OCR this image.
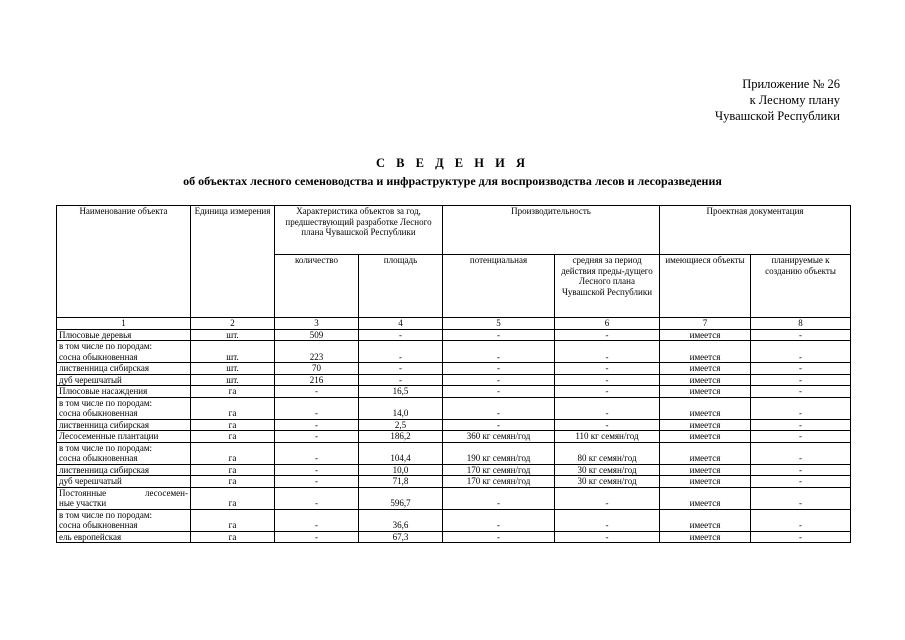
Приложение № 26
к Лесному плану
Чувашской Республики
С В Е Д Е Н И Я
об объектах лесного семеноводства и инфраструктуре для воспроизводства лесов и лесоразведения
Наименование объекта	Единица измерения	Характеристика объектов за год, предшествующий разработке Лесного плана Чувашской Республики		Производительность		Проектная документация	
		количество	площадь	потенциальная	средняя за период действия преды-дущего Лесного плана Чувашской Республики	имеющиеся объекты	планируемые к созданию объекты
1	2	3	4	5	6	7	8

Плюсовые деревья	шт.	509	-	-	-	имеется	-

в том числе по породам:
сосна обыкновенная	шт.	223	-	-	-	имеется	-

лиственница сибирская	шт.	70	-	-	-	имеется	-

дуб черешчатый	шт.	216	-	-	-	имеется	-

Плюсовые насаждения	га	-	16,5	-	-	имеется	-

в том числе по породам:
сосна обыкновенная	га	-	14,0	-	-	имеется	-

лиственница сибирская	га	-	2,5	-	-	имеется	-

Лесосеменные плантации	га	-	186,2	360 кг семян/год	110 кг семян/год	имеется	-

в том числе по породам:
сосна обыкновенная	га	-	104,4	190 кг семян/год	80 кг семян/год	имеется	-

лиственница сибирская	га	-	10,0	170 кг семян/год	30 кг семян/год	имеется	-

дуб черешчатый	га	-	71,8	170 кг семян/год	30 кг семян/год	имеется	-

Постоянные лесосемен-
ные участки	га	-	596,7	-	-	имеется	-

в том числе по породам:
сосна обыкновенная	га	-	36,6	-	-	имеется	-

ель европейская	га	-	67,3	-	-	имеется	-
